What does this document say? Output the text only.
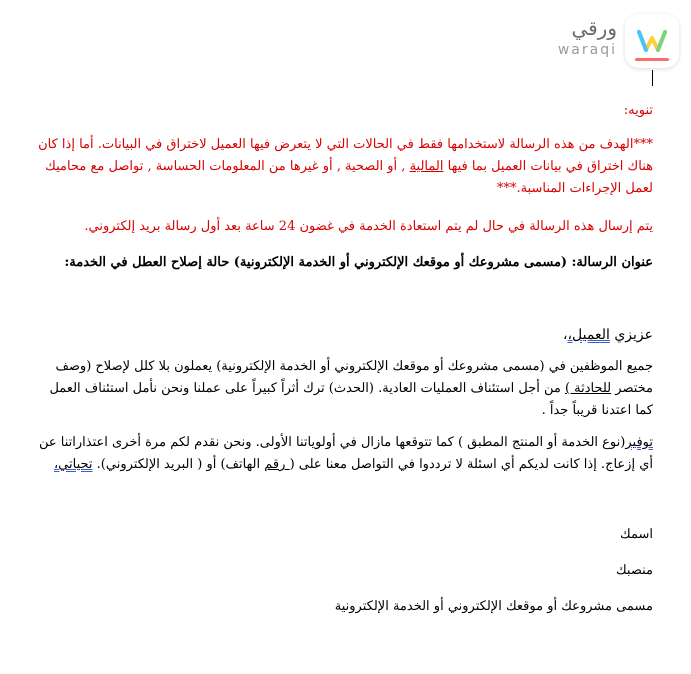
ورقي
waraqi

تنويه:

***الهدف من هذه الرسالة لاستخدامها فقط في الحالات التي لا يتعرض فيها العميل لاختراق في البيانات. أما إذا كان هناك اختراق في بيانات العميل بما فيها المالية , أو الصحية , أو غيرها من المعلومات الحساسة , تواصل مع محاميك لعمل الإجراءات المناسبة.***

يتم إرسال هذه الرسالة في حال لم يتم استعادة الخدمة في غضون 24 ساعة بعد أول رسالة بريد إلكتروني.

عنوان الرسالة: (مسمى مشروعك أو موقعك الإلكتروني أو الخدمة الإلكترونية) حالة إصلاح العطل في الخدمة:

عزيزي العميل،،

جميع الموظفين في (مسمى مشروعك أو موقعك الإلكتروني أو الخدمة الإلكترونية) يعملون بلا كلل لإصلاح (وصف مختصر للحادثة ) من أجل استئناف العمليات العادية. (الحدث) ترك أثراً كبيراً على عملنا ونحن نأمل استئناف العمل كما اعتدنا قريباً جداً .

توفير(نوع الخدمة أو المنتج المطبق ) كما تتوقعها مازال في أولوياتنا الأولى. ونحن نقدم لكم مرة أخرى اعتذاراتنا عن أي إزعاج. إذا كانت لديكم أي اسئلة لا ترددوا في التواصل معنا على ( رقم الهاتف) أو ( البريد الإلكتروني). تحياتي،

اسمك

منصبك

مسمى مشروعك أو موقعك الإلكتروني أو الخدمة الإلكترونية
